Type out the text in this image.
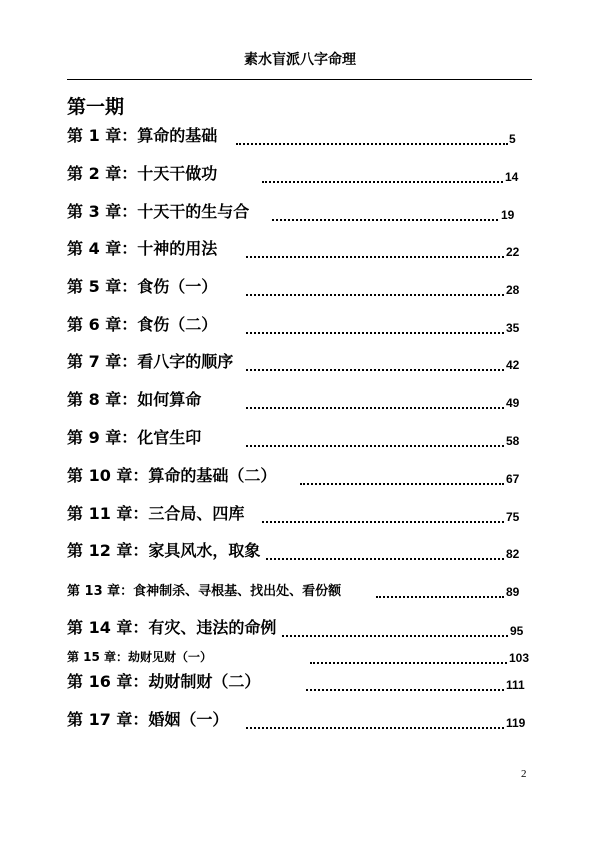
素水盲派八字命理
第一期
第 1 章：算命的基础	5
第 2 章：十天干做功	14
第 3 章：十天干的生与合	19
第 4 章：十神的用法	22
第 5 章：食伤（一）	28
第 6 章：食伤（二）	35
第 7 章：看八字的顺序	42
第 8 章：如何算命	49
第 9 章：化官生印	58
第 10 章：算命的基础（二）	67
第 11 章：三合局、四库	75
第 12 章：家具风水，取象	82
第 13 章：食神制杀、寻根基、找出处、看份额	89
第 14 章：有灾、违法的命例	95
第 15 章：劫财见财（一）	103
第 16 章：劫财制财（二）	111
第 17 章：婚姻（一）	119
2
